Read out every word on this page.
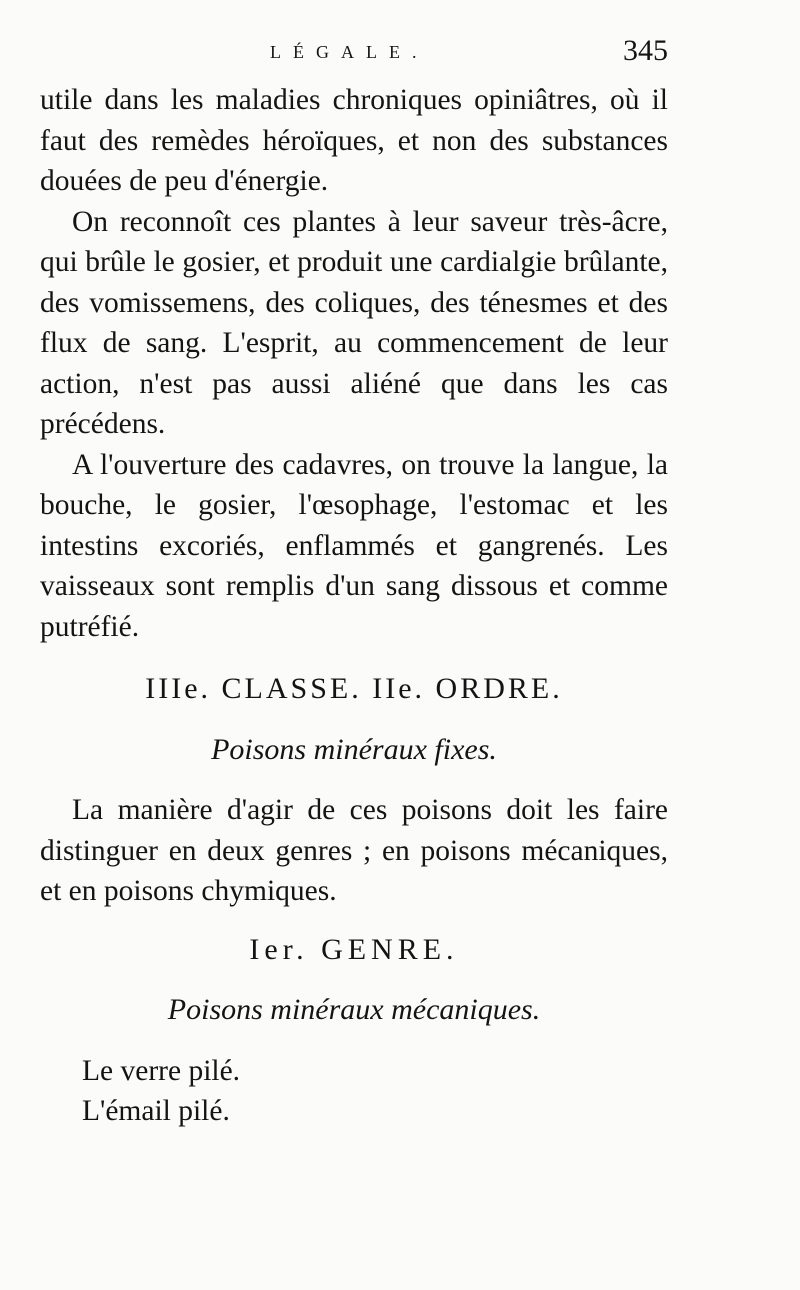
LÉGALE.	345

utile dans les maladies chroniques opiniâtres, où il faut des remèdes héroïques, et non des substances douées de peu d'énergie.

On reconnoît ces plantes à leur saveur très-âcre, qui brûle le gosier, et produit une cardialgie brûlante, des vomissemens, des coliques, des ténesmes et des flux de sang. L'esprit, au commencement de leur action, n'est pas aussi aliéné que dans les cas précédens.

A l'ouverture des cadavres, on trouve la langue, la bouche, le gosier, l'œsophage, l'estomac et les intestins excoriés, enflammés et gangrenés. Les vaisseaux sont remplis d'un sang dissous et comme putréfié.

IIIe. CLASSE. IIe. ORDRE.

Poisons minéraux fixes.

La manière d'agir de ces poisons doit les faire distinguer en deux genres ; en poisons mécaniques, et en poisons chymiques.

Ier. GENRE.

Poisons minéraux mécaniques.

Le verre pilé.
L'émail pilé.
